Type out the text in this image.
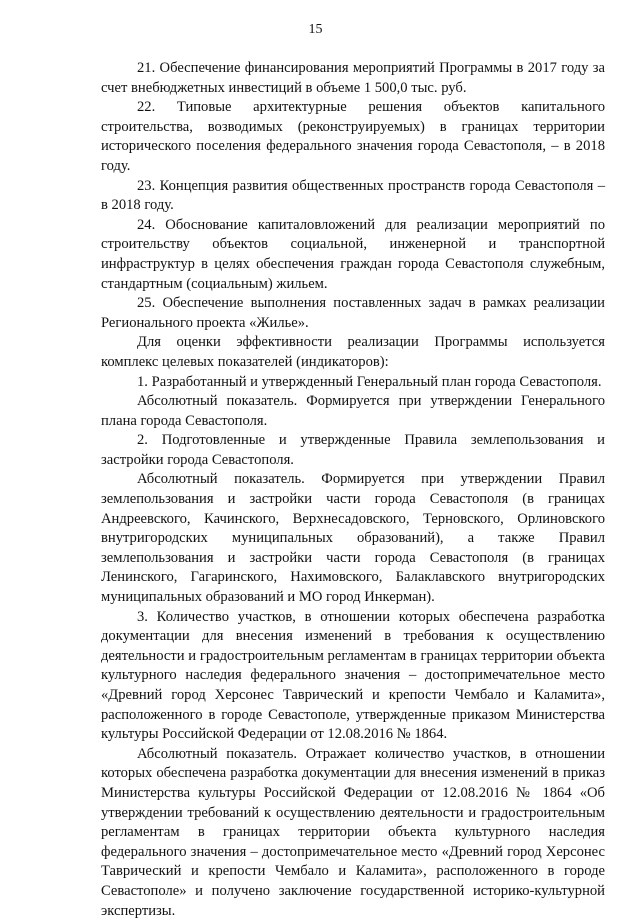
15

21. Обеспечение финансирования мероприятий Программы в 2017 году за счет внебюджетных инвестиций в объеме 1 500,0 тыс. руб.

22. Типовые архитектурные решения объектов капитального строительства, возводимых (реконструируемых) в границах территории исторического поселения федерального значения города Севастополя, – в 2018 году.

23. Концепция развития общественных пространств города Севастополя – в 2018 году.

24. Обоснование капиталовложений для реализации мероприятий по строительству объектов социальной, инженерной и транспортной инфраструктур в целях обеспечения граждан города Севастополя служебным, стандартным (социальным) жильем.

25. Обеспечение выполнения поставленных задач в рамках реализации Регионального проекта «Жилье».

Для оценки эффективности реализации Программы используется комплекс целевых показателей (индикаторов):

1. Разработанный и утвержденный Генеральный план города Севастополя.

Абсолютный показатель. Формируется при утверждении Генерального плана города Севастополя.

2. Подготовленные и утвержденные Правила землепользования и застройки города Севастополя.

Абсолютный показатель. Формируется при утверждении Правил землепользования и застройки части города Севастополя (в границах Андреевского, Качинского, Верхнесадовского, Терновского, Орлиновского внутригородских муниципальных образований), а также Правил землепользования и застройки части города Севастополя (в границах Ленинского, Гагаринского, Нахимовского, Балаклавского внутригородских муниципальных образований и МО город Инкерман).

3. Количество участков, в отношении которых обеспечена разработка документации для внесения изменений в требования к осуществлению деятельности и градостроительным регламентам в границах территории объекта культурного наследия федерального значения – достопримечательное место «Древний город Херсонес Таврический и крепости Чембало и Каламита», расположенного в городе Севастополе, утвержденные приказом Министерства культуры Российской Федерации от 12.08.2016 № 1864.

Абсолютный показатель. Отражает количество участков, в отношении которых обеспечена разработка документации для внесения изменений в приказ Министерства культуры Российской Федерации от 12.08.2016 № 1864 «Об утверждении требований к осуществлению деятельности и градостроительным регламентам в границах территории объекта культурного наследия федерального значения – достопримечательное место «Древний город Херсонес Таврический и крепости Чембало и Каламита», расположенного в городе Севастополе» и получено заключение государственной историко-культурной экспертизы.
